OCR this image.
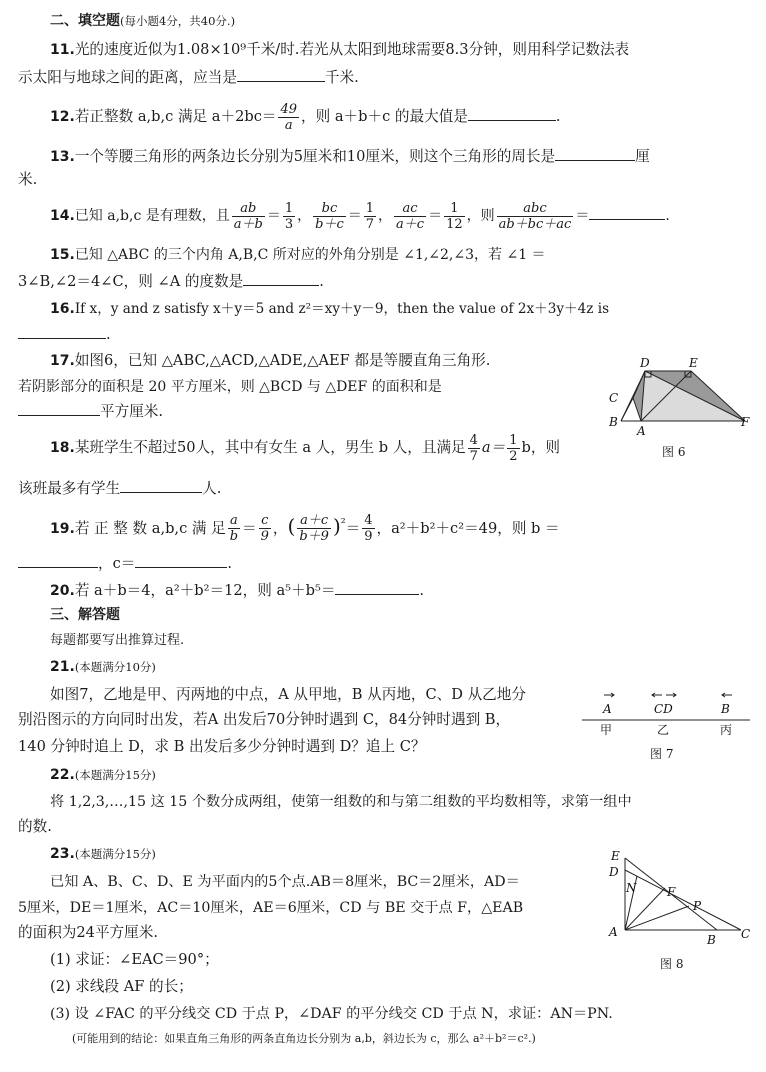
二、填空题(每小题4分，共40分.)
11.光的速度近似为1.08×10⁹千米/时.若光从太阳到地球需要8.3分钟，则用科学记数法表
示太阳与地球之间的距离，应当是	千米.
12.若正整数 a,b,c 满足 $a+2bc= \frac{49}{a}$ ，则 a＋b＋c 的最大值是	.
13.一个等腰三角形的两条边长分别为5厘米和10厘米，则这个三角形的周长是	厘
米.
14.已知 a,b,c 是有理数，且 $\frac{ab}{a+b} = \frac{1}{3}$ ， $\frac{bc}{b+c} = \frac{1}{7}$ ， $\frac{ac}{a+c} = \frac{1}{12}$ ，则 $\frac{\text{abc}}{ab+bc+ac}$ ＝	.
15.已知 △ABC 的三个内角 A,B,C 所对应的外角分别是 ∠1,∠2,∠3，若 ∠1 ＝
3∠B,∠2＝4∠C，则 ∠A 的度数是	.
16.If x，y and z satisfy x＋y＝5 and z²＝xy＋y－9，then the value of 2x＋3y＋4z is
.
17.如图6，已知 △ABC,△ACD,△ADE,△AEF 都是等腰直角三角形.
若阴影部分的面积是 20 平方厘米，则 △BCD 与 △DEF 的面积和是
平方厘米.
D	E
C
B
A
F
图 6
18.某班学生不超过50人，其中有女生 a 人，男生 b 人，且满足 $\frac{4}{7} a= \frac{1}{2}$ b，则
该班最多有学生	人.
19.若 正 整 数 a,b,c 满 足 $\frac{a}{b} = \frac{c}{9}$ ，( $\frac{a+c}{b+9} )^{^2}= \frac{4}{9}$ ，a²＋b²＋c²＝49，则 b ＝
，c＝	.
20.若 a＋b＝4，a²＋b²＝12，则 a⁵＋b⁵＝	.
三、解答题
每题都要写出推算过程.
21.(本题满分10分)
如图7，乙地是甲、丙两地的中点，A 从甲地，B 从丙地，C、D 从乙地分
别沿图示的方向同时出发，若A 出发后70分钟时遇到 C，84分钟时遇到 B，
140 分钟时追上 D，求 B 出发后多少分钟时遇到 D？追上 C？
A	CD	B
甲	乙	丙
图 7
22.(本题满分15分)
将 1,2,3,…,15 这 15 个数分成两组，使第一组数的和与第二组数的平均数相等，求第一组中
的数.
23.(本题满分15分)
已知 A、B、C、D、E 为平面内的5个点.AB＝8厘米，BC＝2厘米，AD＝
5厘米，DE＝1厘米，AC＝10厘米，AE＝6厘米，CD 与 BE 交于点 F，△EAB
的面积为24平方厘米.
(1) 求证：∠EAC＝90°；
(2) 求线段 AF 的长；
(3) 设 ∠FAC 的平分线交 CD 于点 P，∠DAF 的平分线交 CD 于点 N，求证：AN＝PN.
(可能用到的结论：如果直角三角形的两条直角边长分别为 a,b，斜边长为 c，那么 a²＋b²＝c².)
E
D
N	F
P
A
B C
图 8
